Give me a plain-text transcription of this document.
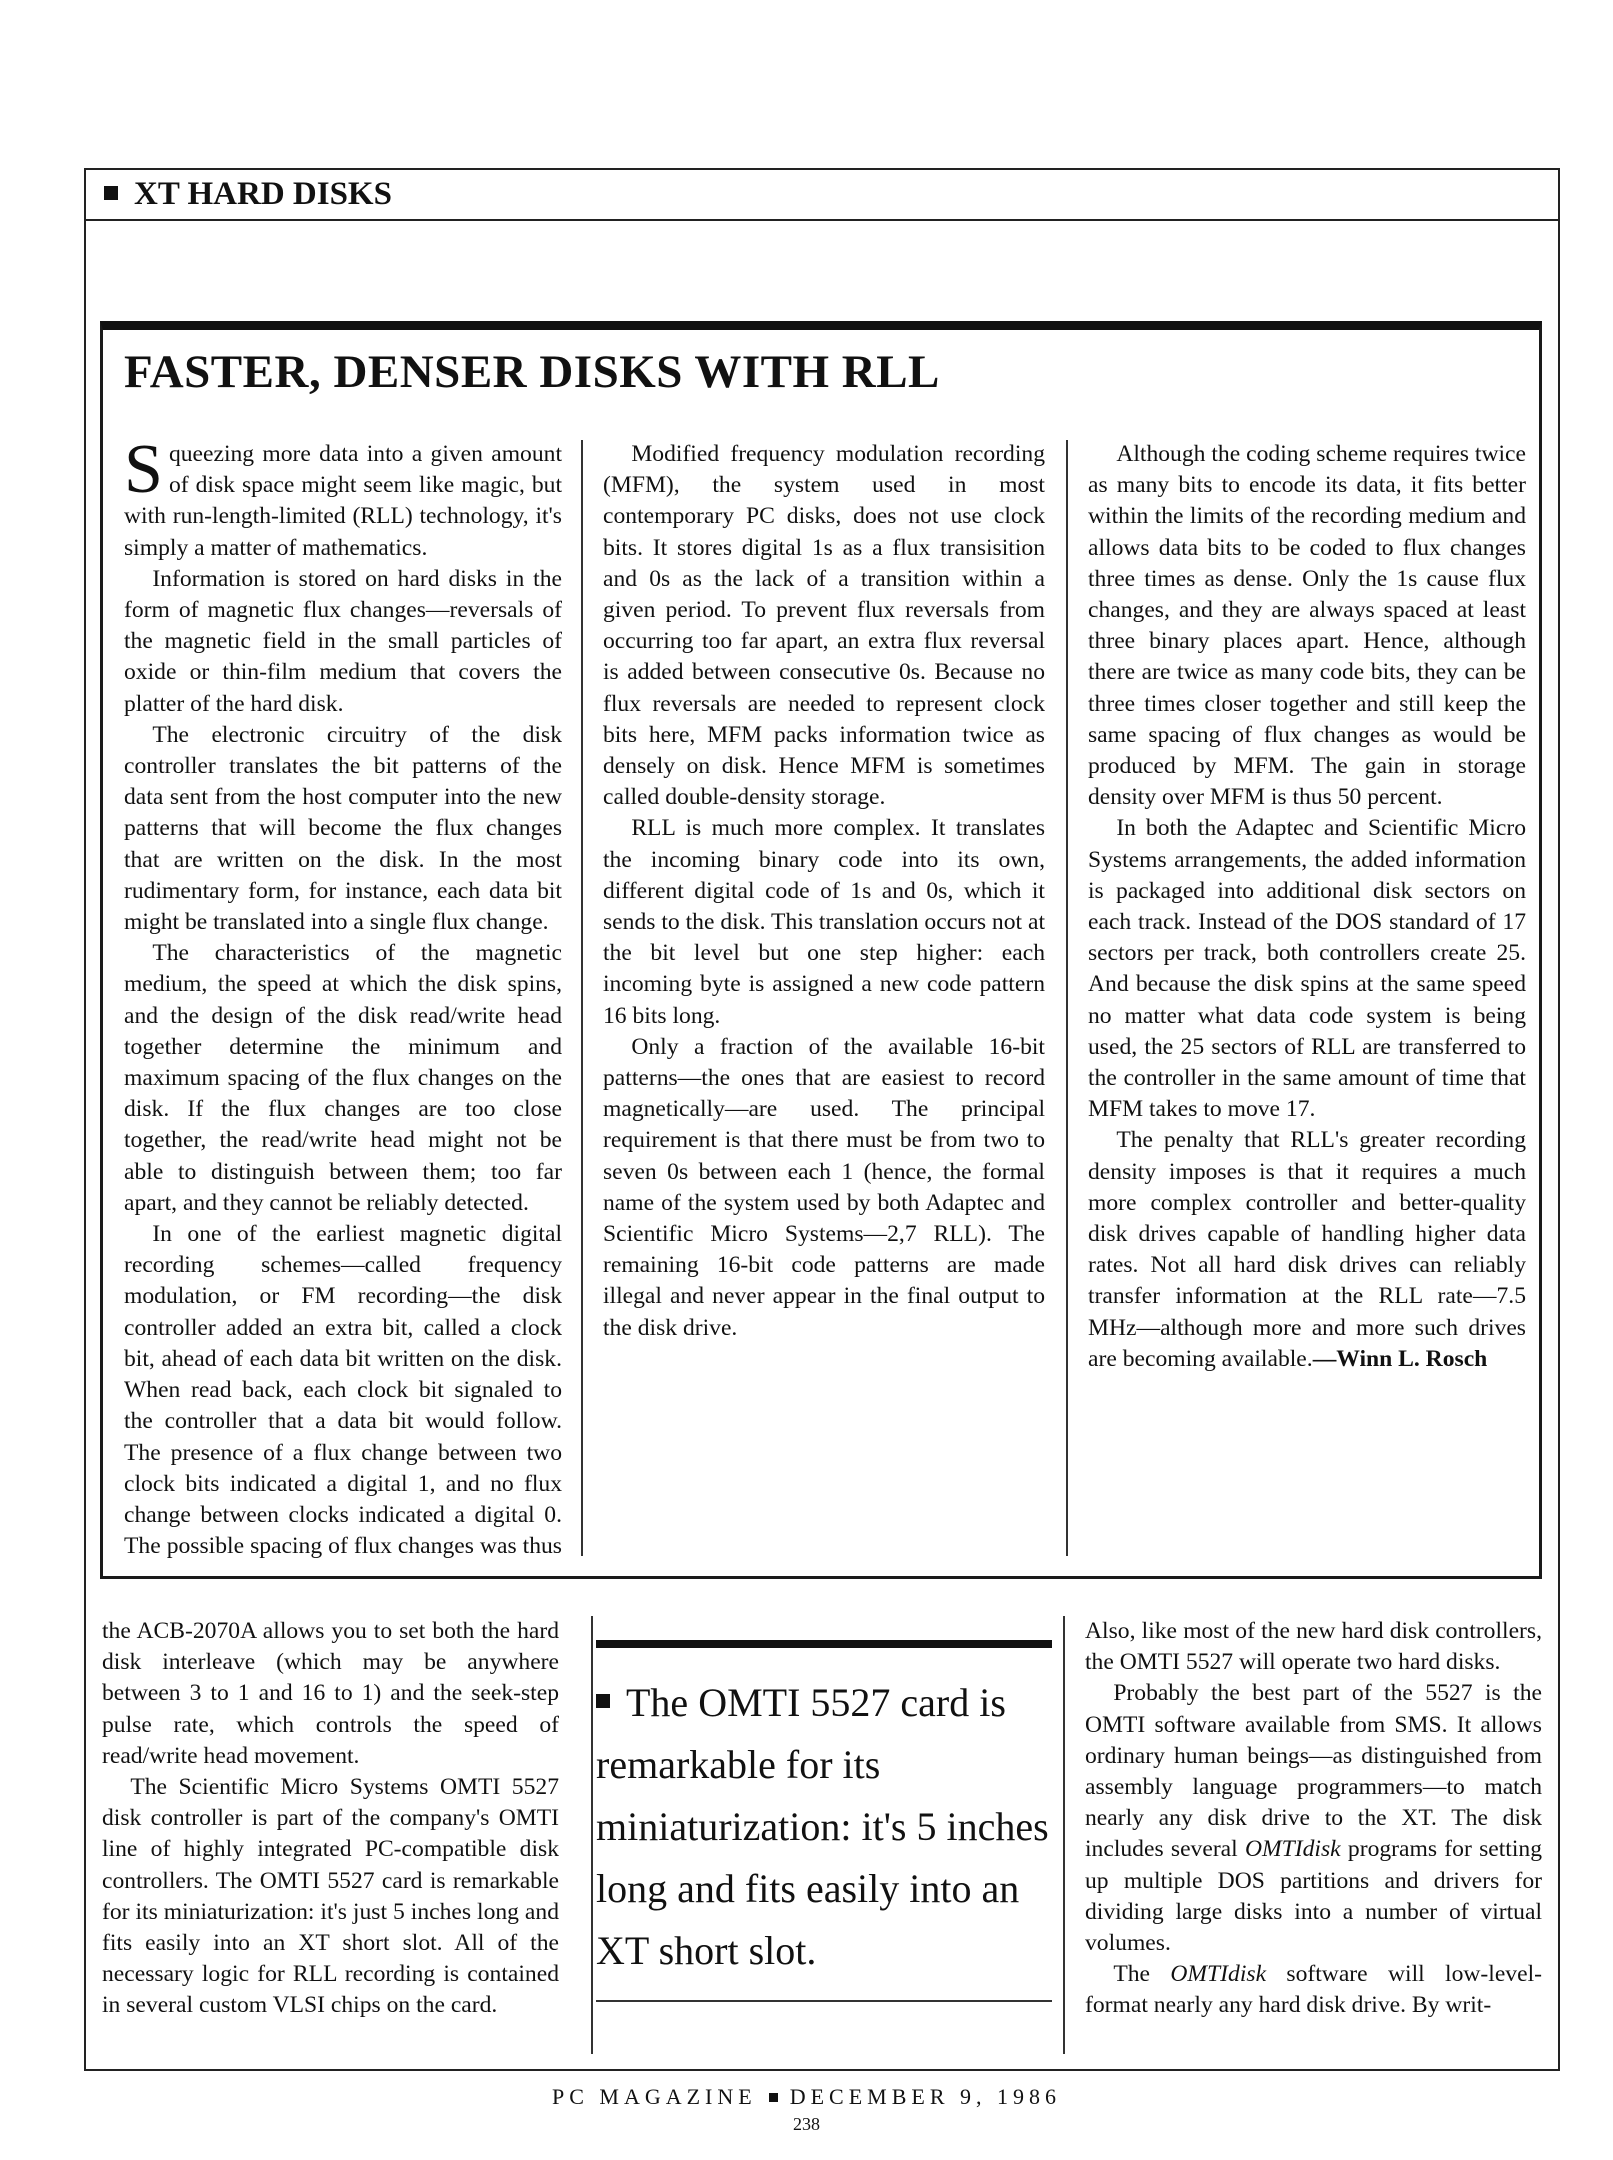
XT HARD DISKS
FASTER, DENSER DISKS WITH RLL

Squeezing more data into a given amount of disk space might seem like magic, but with run-length-limited (RLL) technology, it's simply a matter of mathematics.

Information is stored on hard disks in the form of magnetic flux changes—reversals of the magnetic field in the small particles of oxide or thin-film medium that covers the platter of the hard disk.

The electronic circuitry of the disk controller translates the bit patterns of the data sent from the host computer into the new patterns that will become the flux changes that are written on the disk. In the most rudimentary form, for instance, each data bit might be translated into a single flux change.

The characteristics of the magnetic medium, the speed at which the disk spins, and the design of the disk read/write head together determine the minimum and maximum spacing of the flux changes on the disk. If the flux changes are too close together, the read/write head might not be able to distinguish between them; too far apart, and they cannot be reliably detected.

In one of the earliest magnetic digital recording schemes—called frequency modulation, or FM recording—the disk controller added an extra bit, called a clock bit, ahead of each data bit written on the disk. When read back, each clock bit signaled to the controller that a data bit would follow. The presence of a flux change between two clock bits indicated a digital 1, and no flux change between clocks indicated a digital 0. The possible spacing of flux changes was thus

Modified frequency modulation recording (MFM), the system used in most contemporary PC disks, does not use clock bits. It stores digital 1s as a flux transisition and 0s as the lack of a transition within a given period. To prevent flux reversals from occurring too far apart, an extra flux reversal is added between consecutive 0s. Because no flux reversals are needed to represent clock bits here, MFM packs information twice as densely on disk. Hence MFM is sometimes called double-density storage.

RLL is much more complex. It translates the incoming binary code into its own, different digital code of 1s and 0s, which it sends to the disk. This translation occurs not at the bit level but one step higher: each incoming byte is assigned a new code pattern 16 bits long.

Only a fraction of the available 16-bit patterns—the ones that are easiest to record magnetically—are used. The principal requirement is that there must be from two to seven 0s between each 1 (hence, the formal name of the system used by both Adaptec and Scientific Micro Systems—2,7 RLL). The remaining 16-bit code patterns are made illegal and never appear in the final output to the disk drive.

Although the coding scheme requires twice as many bits to encode its data, it fits better within the limits of the recording medium and allows data bits to be coded to flux changes three times as dense. Only the 1s cause flux changes, and they are always spaced at least three binary places apart. Hence, although there are twice as many code bits, they can be three times closer together and still keep the same spacing of flux changes as would be produced by MFM. The gain in storage density over MFM is thus 50 percent.

In both the Adaptec and Scientific Micro Systems arrangements, the added information is packaged into additional disk sectors on each track. Instead of the DOS standard of 17 sectors per track, both controllers create 25. And because the disk spins at the same speed no matter what data code system is being used, the 25 sectors of RLL are transferred to the controller in the same amount of time that MFM takes to move 17.

The penalty that RLL's greater recording density imposes is that it requires a much more complex controller and better-quality disk drives capable of handling higher data rates. Not all hard disk drives can reliably transfer information at the RLL rate—7.5 MHz—although more and more such drives are becoming available.—Winn L. Rosch

the ACB-2070A allows you to set both the hard disk interleave (which may be anywhere between 3 to 1 and 16 to 1) and the seek-step pulse rate, which controls the speed of read/write head movement.

The Scientific Micro Systems OMTI 5527 disk controller is part of the company's OMTI line of highly integrated PC-compatible disk controllers. The OMTI 5527 card is remarkable for its miniaturization: it's just 5 inches long and fits easily into an XT short slot. All of the necessary logic for RLL recording is contained in several custom VLSI chips on the card.

The OMTI 5527 card is remarkable for its miniaturization: it's 5 inches long and fits easily into an XT short slot.

Also, like most of the new hard disk controllers, the OMTI 5527 will operate two hard disks.

Probably the best part of the 5527 is the OMTI software available from SMS. It allows ordinary human beings—as distinguished from assembly language programmers—to match nearly any disk drive to the XT. The disk includes several OMTIdisk programs for setting up multiple DOS partitions and drivers for dividing large disks into a number of virtual volumes.

The OMTIdisk software will low-level-format nearly any hard disk drive. By writ-

PC MAGAZINE DECEMBER 9, 1986
238
